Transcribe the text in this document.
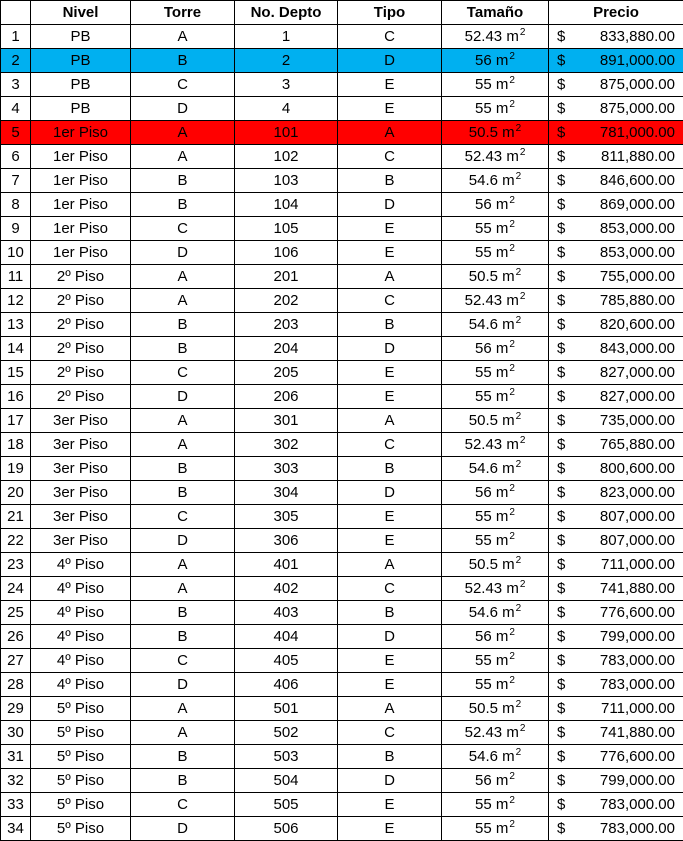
	Nivel	Torre	No. Depto	Tipo	Tamaño	Precio
1	PB	A	1	C	52.43 $m^2$	$ 833,880.00

2	PB	B	2	D	56 $m^2$	$ 891,000.00

3	PB	C	3	E	55 $m^2$	$ 875,000.00

4	PB	D	4	E	55 $m^2$	$ 875,000.00

5	1er Piso	A	101	A	50.5 $m^2$	$ 781,000.00

6	1er Piso	A	102	C	52.43 $m^2$	$ 811,880.00

7	1er Piso	B	103	B	54.6 $m^2$	$ 846,600.00

8	1er Piso	B	104	D	56 $m^2$	$ 869,000.00

9	1er Piso	C	105	E	55 $m^2$	$ 853,000.00

10	1er Piso	D	106	E	55 $m^2$	$ 853,000.00

11	2º Piso	A	201	A	50.5 $m^2$	$ 755,000.00

12	2º Piso	A	202	C	52.43 $m^2$	$ 785,880.00

13	2º Piso	B	203	B	54.6 $m^2$	$ 820,600.00

14	2º Piso	B	204	D	56 $m^2$	$ 843,000.00

15	2º Piso	C	205	E	55 $m^2$	$ 827,000.00

16	2º Piso	D	206	E	55 $m^2$	$ 827,000.00

17	3er Piso	A	301	A	50.5 $m^2$	$ 735,000.00

18	3er Piso	A	302	C	52.43 $m^2$	$ 765,880.00

19	3er Piso	B	303	B	54.6 $m^2$	$ 800,600.00

20	3er Piso	B	304	D	56 $m^2$	$ 823,000.00

21	3er Piso	C	305	E	55 $m^2$	$ 807,000.00

22	3er Piso	D	306	E	55 $m^2$	$ 807,000.00

23	4º Piso	A	401	A	50.5 $m^2$	$ 711,000.00

24	4º Piso	A	402	C	52.43 $m^2$	$ 741,880.00

25	4º Piso	B	403	B	54.6 $m^2$	$ 776,600.00

26	4º Piso	B	404	D	56 $m^2$	$ 799,000.00

27	4º Piso	C	405	E	55 $m^2$	$ 783,000.00

28	4º Piso	D	406	E	55 $m^2$	$ 783,000.00

29	5º Piso	A	501	A	50.5 $m^2$	$ 711,000.00

30	5º Piso	A	502	C	52.43 $m^2$	$ 741,880.00

31	5º Piso	B	503	B	54.6 $m^2$	$ 776,600.00

32	5º Piso	B	504	D	56 $m^2$	$ 799,000.00

33	5º Piso	C	505	E	55 $m^2$	$ 783,000.00

34	5º Piso	D	506	E	55 $m^2$	$ 783,000.00
